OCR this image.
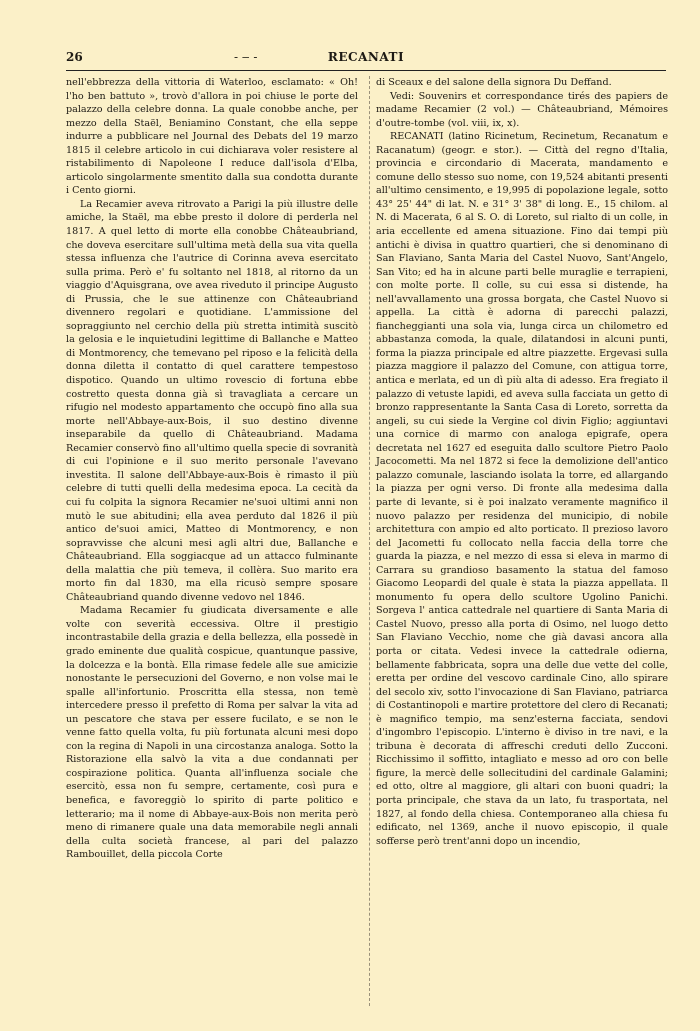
26	- ‒ -	RECANATI

nell'ebbrezza della vittoria di Waterloo, esclamato: « Oh! l'ho ben battuto », trovò d'allora in poi chiuse le porte del palazzo della celebre donna. La quale conobbe anche, per mezzo della Staël, Beniamino Constant, che ella seppe indurre a pubblicare nel Journal des Debats del 19 marzo 1815 il celebre articolo in cui dichiarava voler resistere al ristabilimento di Napoleone I reduce dall'isola d'Elba, articolo singolarmente smentito dalla sua condotta durante i Cento giorni.

La Recamier aveva ritrovato a Parigi la più illustre delle amiche, la Staël, ma ebbe presto il dolore di perderla nel 1817. A quel letto di morte ella conobbe Châteaubriand, che doveva esercitare sull'ultima metà della sua vita quella stessa influenza che l'autrice di Corinna aveva esercitato sulla prima. Però e' fu soltanto nel 1818, al ritorno da un viaggio d'Aquisgrana, ove avea riveduto il principe Augusto di Prussia, che le sue attinenze con Châteaubriand divennero regolari e quotidiane. L'ammissione del sopraggiunto nel cerchio della più stretta intimità suscitò la gelosia e le inquietudini legittime di Ballanche e Matteo di Montmorency, che temevano pel riposo e la felicità della donna diletta il contatto di quel carattere tempestoso dispotico. Quando un ultimo rovescio di fortuna ebbe costretto questa donna già sì travagliata a cercare un rifugio nel modesto appartamento che occupò fino alla sua morte nell'Abbaye-aux-Bois, il suo destino divenne inseparabile da quello di Châteaubriand. Madama Recamier conservò fino all'ultimo quella specie di sovranità di cui l'opinione e il suo merito personale l'avevano investita. Il salone dell'Abbaye-aux-Bois è rimasto il più celebre di tutti quelli della medesima epoca. La cecità da cui fu colpita la signora Recamier ne'suoi ultimi anni non mutò le sue abitudini; ella avea perduto dal 1826 il più antico de'suoi amici, Matteo di Montmorency, e non sopravvisse che alcuni mesi agli altri due, Ballanche e Châteaubriand. Ella soggiacque ad un attacco fulminante della malattia che più temeva, il collèra. Suo marito era morto fin dal 1830, ma ella ricusò sempre sposare Châteaubriand quando divenne vedovo nel 1846.

Madama Recamier fu giudicata diversamente e alle volte con severità eccessiva. Oltre il prestigio incontrastabile della grazia e della bellezza, ella possedè in grado eminente due qualità cospicue, quantunque passive, la dolcezza e la bontà. Ella rimase fedele alle sue amicizie nonostante le persecuzioni del Governo, e non volse mai le spalle all'infortunio. Proscritta ella stessa, non temè intercedere presso il prefetto di Roma per salvar la vita ad un pescatore che stava per essere fucilato, e se non le venne fatto quella volta, fu più fortunata alcuni mesi dopo con la regina di Napoli in una circostanza analoga. Sotto la Ristorazione ella salvò la vita a due condannati per cospirazione politica. Quanta all'influenza sociale che esercitò, essa non fu sempre, certamente, così pura e benefica, e favoreggiò lo spirito di parte politico e letterario; ma il nome di Abbaye-aux-Bois non merita però meno di rimanere quale una data memorabile negli annali della culta società francese, al pari del palazzo Rambouillet, della piccola Corte

di Sceaux e del salone della signora Du Deffand.

Vedi: Souvenirs et correspondance tirés des papiers de madame Recamier (2 vol.) — Châteaubriand, Mémoires d'outre-tombe (vol. viii, ix, x).

RECANATI (latino Ricinetum, Recinetum, Recanatum e Racanatum) (geogr. e stor.). — Città del regno d'Italia, provincia e circondario di Macerata, mandamento e comune dello stesso suo nome, con 19,524 abitanti presenti all'ultimo censimento, e 19,995 di popolazione legale, sotto 43° 25' 44" di lat. N. e 31° 3' 38" di long. E., 15 chilom. al N. di Macerata, 6 al S. O. di Loreto, sul rialto di un colle, in aria eccellente ed amena situazione. Fino dai tempi più antichi è divisa in quattro quartieri, che si denominano di San Flaviano, Santa Maria del Castel Nuovo, Sant'Angelo, San Vito; ed ha in alcune parti belle muraglie e terrapieni, con molte porte. Il colle, su cui essa si distende, ha nell'avvallamento una grossa borgata, che Castel Nuovo si appella. La città è adorna di parecchi palazzi, fiancheggianti una sola via, lunga circa un chilometro ed abbastanza comoda, la quale, dilatandosi in alcuni punti, forma la piazza principale ed altre piazzette. Ergevasi sulla piazza maggiore il palazzo del Comune, con attigua torre, antica e merlata, ed un dì più alta di adesso. Era fregiato il palazzo di vetuste lapidi, ed aveva sulla facciata un getto di bronzo rappresentante la Santa Casa di Loreto, sorretta da angeli, su cui siede la Vergine col divin Figlio; aggiuntavi una cornice di marmo con analoga epigrafe, opera decretata nel 1627 ed eseguita dallo scultore Pietro Paolo Jacocometti. Ma nel 1872 si fece la demolizione dell'antico palazzo comunale, lasciando isolata la torre, ed allargando la piazza per ogni verso. Di fronte alla medesima dalla parte di levante, si è poi inalzato veramente magnifico il nuovo palazzo per residenza del municipio, di nobile architettura con ampio ed alto porticato. Il prezioso lavoro del Jacometti fu collocato nella faccia della torre che guarda la piazza, e nel mezzo di essa si eleva in marmo di Carrara su grandioso basamento la statua del famoso Giacomo Leopardi del quale è stata la piazza appellata. Il monumento fu opera dello scultore Ugolino Panichi. Sorgeva l' antica cattedrale nel quartiere di Santa Maria di Castel Nuovo, presso alla porta di Osimo, nel luogo detto San Flaviano Vecchio, nome che già davasi ancora alla porta or citata. Vedesi invece la cattedrale odierna, bellamente fabbricata, sopra una delle due vette del colle, eretta per ordine del vescovo cardinale Cino, allo spirare del secolo xiv, sotto l'invocazione di San Flaviano, patriarca di Costantinopoli e martire protettore del clero di Recanati; è magnifico tempio, ma senz'esterna facciata, sendovi d'ingombro l'episcopio. L'interno è diviso in tre navi, e la tribuna è decorata di affreschi creduti dello Zucconi. Ricchissimo il soffitto, intagliato e messo ad oro con belle figure, la mercè delle sollecitudini del cardinale Galamini; ed otto, oltre al maggiore, gli altari con buoni quadri; la porta principale, che stava da un lato, fu trasportata, nel 1827, al fondo della chiesa. Contemporaneo alla chiesa fu edificato, nel 1369, anche il nuovo episcopio, il quale sofferse però trent'anni dopo un incendio,
